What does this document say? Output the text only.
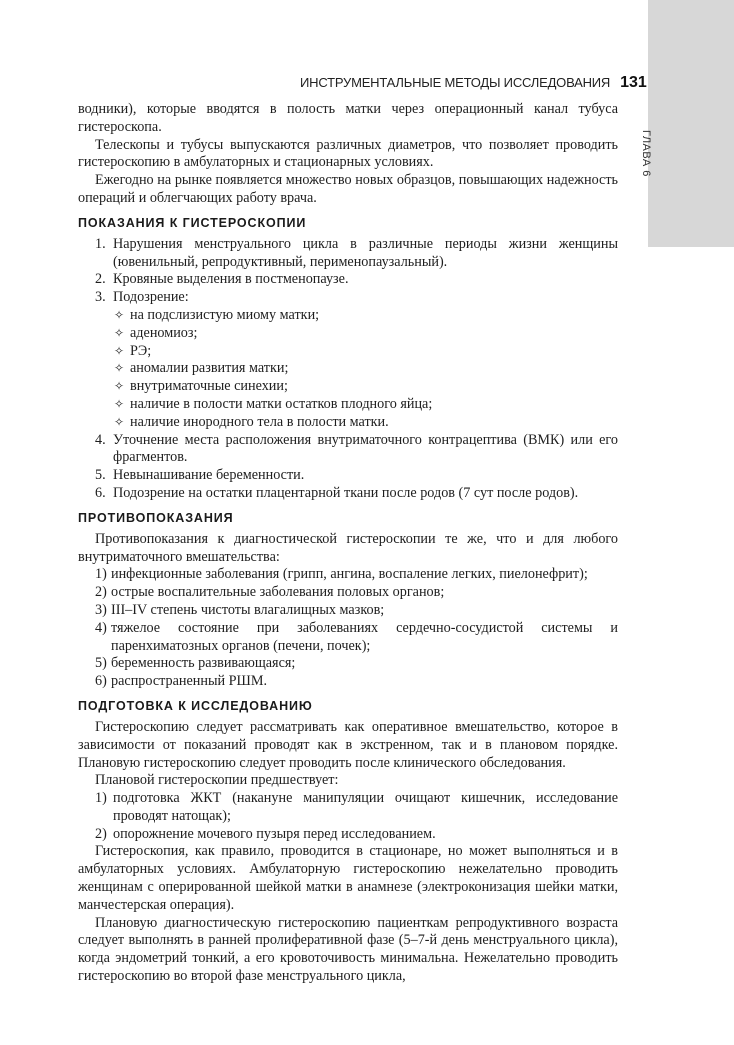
ГЛАВА 6
ИНСТРУМЕНТАЛЬНЫЕ МЕТОДЫ ИССЛЕДОВАНИЯ 131

водники), которые вводятся в полость матки через операционный канал тубуса гистероскопа.

Телескопы и тубусы выпускаются различных диаметров, что позволяет проводить гистероскопию в амбулаторных и стационарных условиях.

Ежегодно на рынке появляется множество новых образцов, повышающих надежность операций и облегчающих работу врача.

ПОКАЗАНИЯ К ГИСТЕРОСКОПИИ
1. Нарушения менструального цикла в различные периоды жизни женщины (ювенильный, репродуктивный, перименопаузальный).
2. Кровяные выделения в постменопаузе.
3. Подозрение:
✧ на подслизистую миому матки;
✧ аденомиоз;
✧ РЭ;
✧ аномалии развития матки;
✧ внутриматочные синехии;
✧ наличие в полости матки остатков плодного яйца;
✧ наличие инородного тела в полости матки.
4. Уточнение места расположения внутриматочного контрацептива (ВМК) или его фрагментов.
5. Невынашивание беременности.
6. Подозрение на остатки плацентарной ткани после родов (7 сут после родов).
ПРОТИВОПОКАЗАНИЯ

Противопоказания к диагностической гистероскопии те же, что и для любого внутриматочного вмешательства:

1) инфекционные заболевания (грипп, ангина, воспаление легких, пиелонефрит);
2) острые воспалительные заболевания половых органов;
3) III–IV степень чистоты влагалищных мазков;
4) тяжелое состояние при заболеваниях сердечно-сосудистой системы и паренхиматозных органов (печени, почек);
5) беременность развивающаяся;
6) распространенный РШМ.
ПОДГОТОВКА К ИССЛЕДОВАНИЮ

Гистероскопию следует рассматривать как оперативное вмешательство, которое в зависимости от показаний проводят как в экстренном, так и в плановом порядке. Плановую гистероскопию следует проводить после клинического обследования.

Плановой гистероскопии предшествует:

1) подготовка ЖКТ (накануне манипуляции очищают кишечник, исследование проводят натощак);
2) опорожнение мочевого пузыря перед исследованием.

Гистероскопия, как правило, проводится в стационаре, но может выполняться и в амбулаторных условиях. Амбулаторную гистероскопию нежелательно проводить женщинам с оперированной шейкой матки в анамнезе (электроконизация шейки матки, манчестерская операция).

Плановую диагностическую гистероскопию пациенткам репродуктивного возраста следует выполнять в ранней пролиферативной фазе (5–7-й день менструального цикла), когда эндометрий тонкий, а его кровоточивость минимальна. Нежелательно проводить гистероскопию во второй фазе менструального цикла,
